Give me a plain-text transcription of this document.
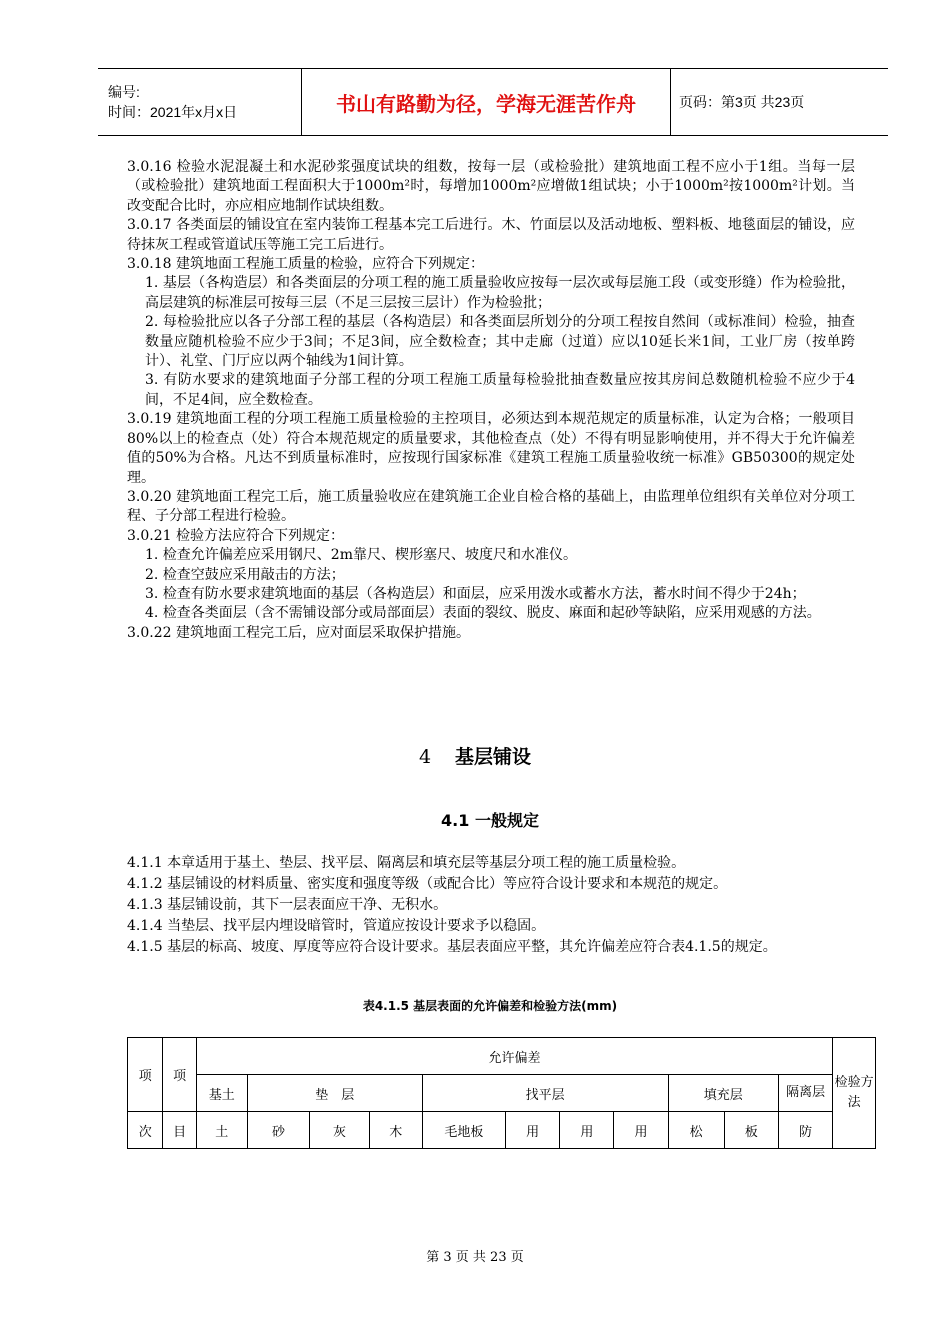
编号:
时间：2021年x月x日	书山有路勤为径，学海无涯苦作舟	页码：第3页 共23页

3.0.16 检验水泥混凝土和水泥砂浆强度试块的组数，按每一层（或检验批）建筑地面工程不应小于1组。当每一层（或检验批）建筑地面工程面积大于1000m²时，每增加1000m²应增做1组试块；小于1000m²按1000m²计划。当改变配合比时，亦应相应地制作试块组数。

3.0.17 各类面层的铺设宜在室内装饰工程基本完工后进行。木、竹面层以及活动地板、塑料板、地毯面层的铺设，应待抹灰工程或管道试压等施工完工后进行。

3.0.18 建筑地面工程施工质量的检验，应符合下列规定：

1. 基层（各构造层）和各类面层的分项工程的施工质量验收应按每一层次或每层施工段（或变形缝）作为检验批，高层建筑的标准层可按每三层（不足三层按三层计）作为检验批；

2. 每检验批应以各子分部工程的基层（各构造层）和各类面层所划分的分项工程按自然间（或标准间）检验，抽查数量应随机检验不应少于3间；不足3间，应全数检查；其中走廊（过道）应以10延长米1间，工业厂房（按单跨计）、礼堂、门厅应以两个轴线为1间计算。

3. 有防水要求的建筑地面子分部工程的分项工程施工质量每检验批抽查数量应按其房间总数随机检验不应少于4间，不足4间，应全数检查。

3.0.19 建筑地面工程的分项工程施工质量检验的主控项目，必须达到本规范规定的质量标准，认定为合格；一般项目80%以上的检查点（处）符合本规范规定的质量要求，其他检查点（处）不得有明显影响使用，并不得大于允许偏差值的50%为合格。凡达不到质量标准时，应按现行国家标准《建筑工程施工质量验收统一标准》GB50300的规定处理。

3.0.20 建筑地面工程完工后，施工质量验收应在建筑施工企业自检合格的基础上，由监理单位组织有关单位对分项工程、子分部工程进行检验。

3.0.21 检验方法应符合下列规定：

1. 检查允许偏差应采用钢尺、2m靠尺、楔形塞尺、坡度尺和水准仪。

2. 检查空鼓应采用敲击的方法；

3. 检查有防水要求建筑地面的基层（各构造层）和面层，应采用泼水或蓄水方法，蓄水时间不得少于24h；

4. 检查各类面层（含不需铺设部分或局部面层）表面的裂纹、脱皮、麻面和起砂等缺陷，应采用观感的方法。

3.0.22 建筑地面工程完工后，应对面层采取保护措施。

4 基层铺设
4.1 一般规定

4.1.1 本章适用于基土、垫层、找平层、隔离层和填充层等基层分项工程的施工质量检验。

4.1.2 基层铺设的材料质量、密实度和强度等级（或配合比）等应符合设计要求和本规范的规定。

4.1.3 基层铺设前，其下一层表面应干净、无积水。

4.1.4 当垫层、找平层内埋设暗管时，管道应按设计要求予以稳固。

4.1.5 基层的标高、坡度、厚度等应符合设计要求。基层表面应平整，其允许偏差应符合表4.1.5的规定。

表4.1.5 基层表面的允许偏差和检验方法(mm)
项	项	允许偏差											检验方法
		基土	垫　层			找平层				填充层		隔离层	
次	目	土	砂	灰	木	毛地板	用	用	用	松	板	防	
第 3 页 共 23 页
